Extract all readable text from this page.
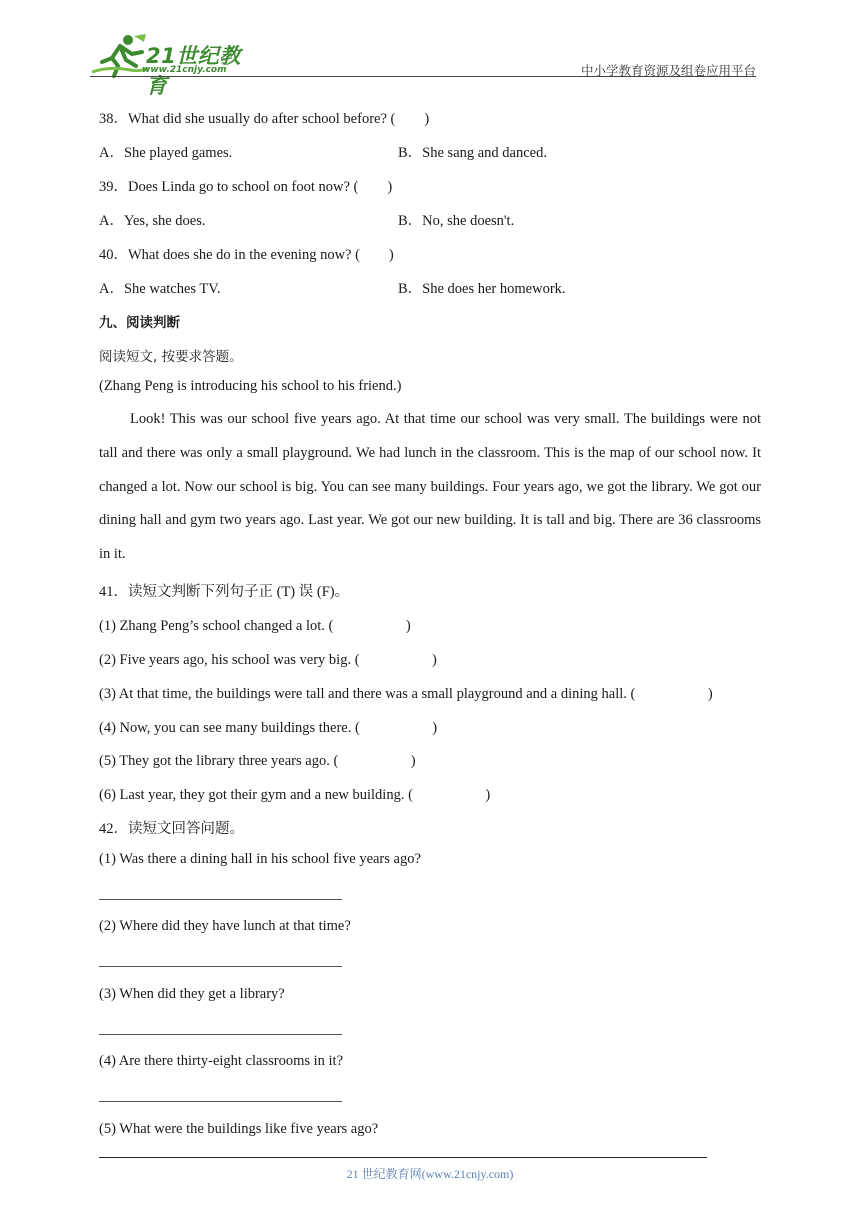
21世纪教育
www.21cnjy.com	中小学教育资源及组卷应用平台
38．What did she usually do after school before? (　　)
A．She played games.	B．She sang and danced.
39．Does Linda go to school on foot now? (　　)
A．Yes, she does.	B．No, she doesn't.
40．What does she do in the evening now? (　　)
A．She watches TV.	B．She does her homework.
九、阅读判断
阅读短文, 按要求答题。
(Zhang Peng is introducing his school to his friend.)
Look! This was our school five years ago. At that time our school was very small. The buildings were not tall and there was only a small playground. We had lunch in the classroom. This is the map of our school now. It changed a lot. Now our school is big. You can see many buildings. Four years ago, we got the library. We got our dining hall and gym two years ago. Last year. We got our new building. It is tall and big. There are 36 classrooms in it.
41．读短文判断下列句子正 (T) 误 (F)。
(1) Zhang Peng’s school changed a lot. (　　　　　)
(2) Five years ago, his school was very big. (　　　　　)
(3) At that time, the buildings were tall and there was a small playground and a dining hall. (　　　　　)
(4) Now, you can see many buildings there. (　　　　　)
(5) They got the library three years ago. (　　　　　)
(6) Last year, they got their gym and a new building. (　　　　　)
42．读短文回答问题。
(1) Was there a dining hall in his school five years ago?
(2) Where did they have lunch at that time?
(3) When did they get a library?
(4) Are there thirty-eight classrooms in it?
(5) What were the buildings like five years ago?
21 世纪教育网(www.21cnjy.com)
